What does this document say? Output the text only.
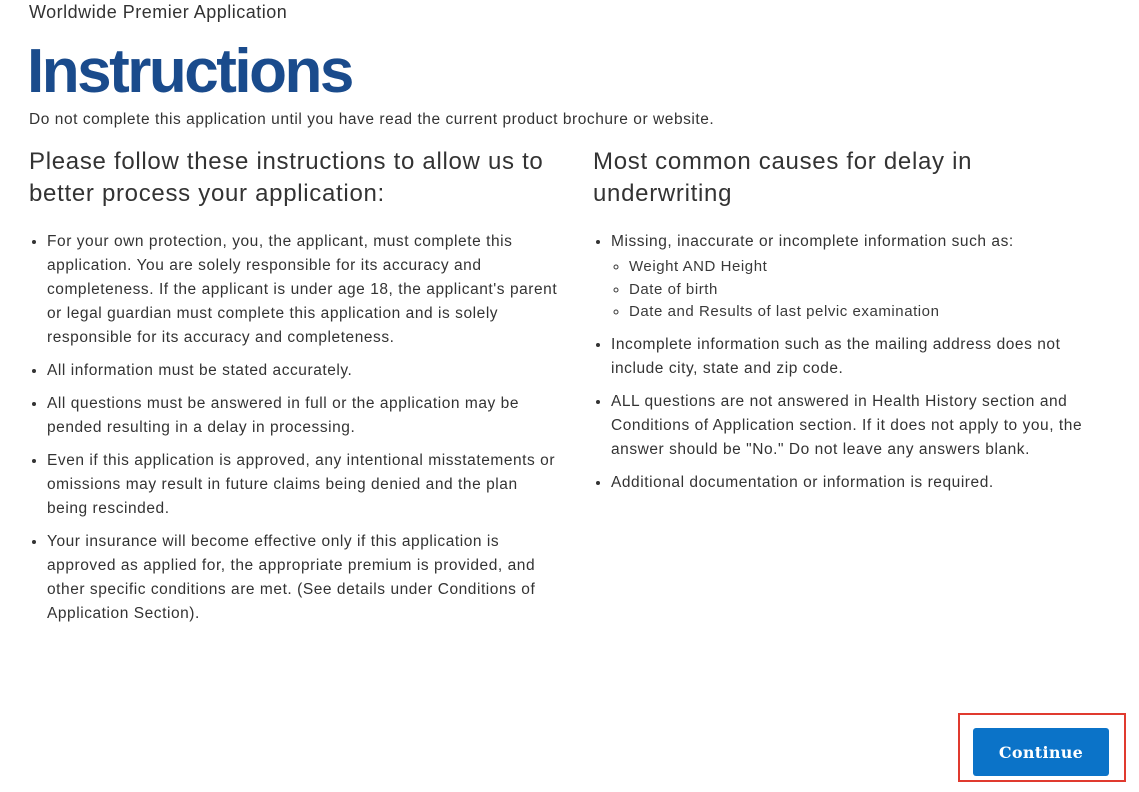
Worldwide Premier Application
Instructions

Do not complete this application until you have read the current product brochure or website.

Please follow these instructions to allow us to better process your application:
• For your own protection, you, the applicant, must complete this application. You are solely responsible for its accuracy and completeness. If the applicant is under age 18, the applicant's parent or legal guardian must complete this application and is solely responsible for its accuracy and completeness.
• All information must be stated accurately.
• All questions must be answered in full or the application may be pended resulting in a delay in processing.
• Even if this application is approved, any intentional misstatements or omissions may result in future claims being denied and the plan being rescinded.
• Your insurance will become effective only if this application is approved as applied for, the appropriate premium is provided, and other specific conditions are met. (See details under Conditions of Application Section).
Most common causes for delay in underwriting
• Missing, inaccurate or incomplete information such as:
◦ Weight AND Height
◦ Date of birth
◦ Date and Results of last pelvic examination
• Incomplete information such as the mailing address does not include city, state and zip code.
• ALL questions are not answered in Health History section and Conditions of Application section. If it does not apply to you, the answer should be "No." Do not leave any answers blank.
• Additional documentation or information is required.
Continue
